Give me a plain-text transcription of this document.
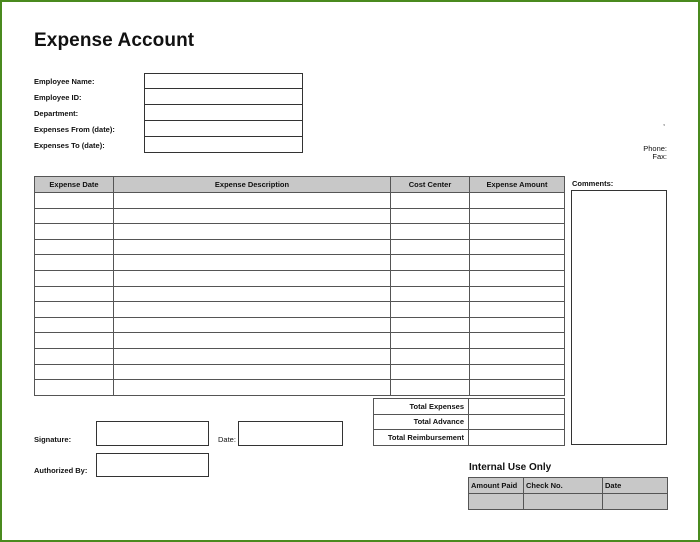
Expense Account
Employee Name:
Employee ID:
Department:
Expenses From (date):
Expenses To (date):
,
Phone:
Fax:
Expense Date	Expense Description	Cost Center	Expense Amount

				Comments:
Total Expenses	
Total Advance	
Total Reimbursement	
Signature:	Date:
Authorized By:	Internal Use Only
Amount Paid	Check No.	Date
